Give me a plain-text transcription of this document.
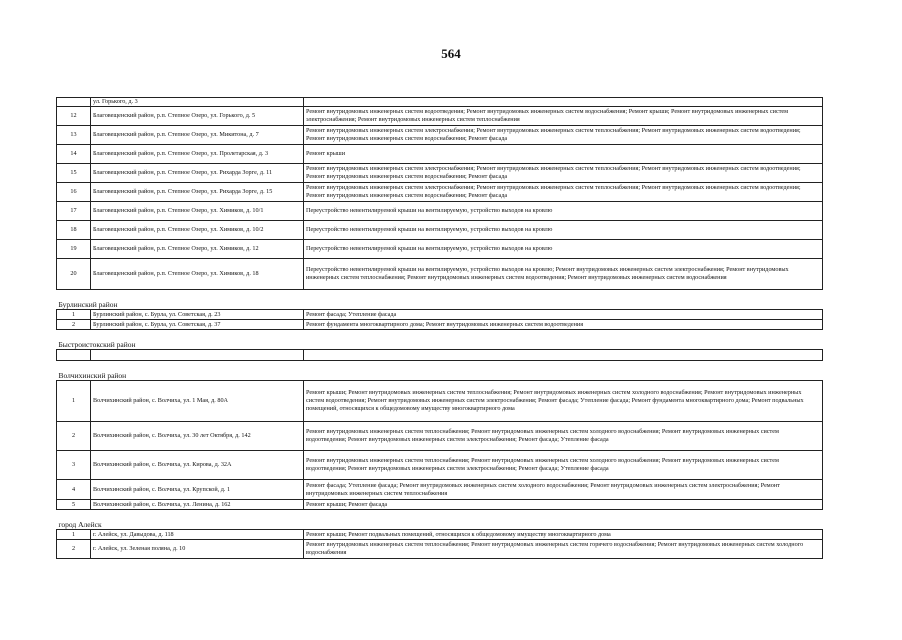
564
	ул. Горького, д. 3	
12	Благовещенский район, р.п. Степное Озеро, ул. Горького, д. 5	Ремонт внутридомовых инженерных систем водоотведения; Ремонт внутридомовых инженерных систем водоснабжения; Ремонт крыши; Ремонт внутридомовых инженерных систем электроснабжения; Ремонт внутридомовых инженерных систем теплоснабжения
13	Благовещенский район, р.п. Степное Озеро, ул. Микитона, д. 7	Ремонт внутридомовых инженерных систем электроснабжения; Ремонт внутридомовых инженерных систем теплоснабжения; Ремонт внутридомовых инженерных систем водоотведения; Ремонт внутридомовых инженерных систем водоснабжения; Ремонт фасада
14	Благовещенский район, р.п. Степное Озеро, ул. Пролетарская, д. 3	Ремонт крыши
15	Благовещенский район, р.п. Степное Озеро, ул. Рихарда Зорге, д. 11	Ремонт внутридомовых инженерных систем электроснабжения; Ремонт внутридомовых инженерных систем теплоснабжения; Ремонт внутридомовых инженерных систем водоотведения; Ремонт внутридомовых инженерных систем водоснабжения; Ремонт фасада
16	Благовещенский район, р.п. Степное Озеро, ул. Рихарда Зорге, д. 15	Ремонт внутридомовых инженерных систем электроснабжения; Ремонт внутридомовых инженерных систем теплоснабжения; Ремонт внутридомовых инженерных систем водоотведения; Ремонт внутридомовых инженерных систем водоснабжения; Ремонт фасада
17	Благовещенский район, р.п. Степное Озеро, ул. Химиков, д. 10/1	Переустройство невентилируемой крыши на вентилируемую, устройство выходов на кровлю
18	Благовещенский район, р.п. Степное Озеро, ул. Химиков, д. 10/2	Переустройство невентилируемой крыши на вентилируемую, устройство выходов на кровлю
19	Благовещенский район, р.п. Степное Озеро, ул. Химиков, д. 12	Переустройство невентилируемой крыши на вентилируемую, устройство выходов на кровлю
20	Благовещенский район, р.п. Степное Озеро, ул. Химиков, д. 18	Переустройство невентилируемой крыши на вентилируемую, устройство выходов на кровлю; Ремонт внутридомовых инженерных систем электроснабжения; Ремонт внутридомовых инженерных систем теплоснабжения; Ремонт внутридомовых инженерных систем водоотведения; Ремонт внутридомовых инженерных систем водоснабжения
Бурлинский район		
1	Бурлинский район, с. Бурла, ул. Советская, д. 23	Ремонт фасада; Утепление фасада
2	Бурлинский район, с. Бурла, ул. Советская, д. 37	Ремонт фундамента многоквартирного дома; Ремонт внутридомовых инженерных систем водоотведения
Быстроистокский район		

Волчихинский район		
1	Волчихинский район, с. Волчиха, ул. 1 Мая, д. 80А	Ремонт крыши; Ремонт внутридомовых инженерных систем теплоснабжения; Ремонт внутридомовых инженерных систем холодного водоснабжения; Ремонт внутридомовых инженерных систем водоотведения; Ремонт внутридомовых инженерных систем электроснабжения; Ремонт фасада; Утепление фасада; Ремонт фундамента многоквартирного дома; Ремонт подвальных помещений, относящихся к общедомовому имуществу многоквартирного дома
2	Волчихинский район, с. Волчиха, ул. 30 лет Октября, д. 142	Ремонт внутридомовых инженерных систем теплоснабжения; Ремонт внутридомовых инженерных систем холодного водоснабжения; Ремонт внутридомовых инженерных систем водоотведения; Ремонт внутридомовых инженерных систем электроснабжения; Ремонт фасада; Утепление фасада
3	Волчихинский район, с. Волчиха, ул. Кирова, д. 32А	Ремонт внутридомовых инженерных систем теплоснабжения; Ремонт внутридомовых инженерных систем холодного водоснабжения; Ремонт внутридомовых инженерных систем водоотведения; Ремонт внутридомовых инженерных систем электроснабжения; Ремонт фасада; Утепление фасада
4	Волчихинский район, с. Волчиха, ул. Крупской, д. 1	Ремонт фасада; Утепление фасада; Ремонт внутридомовых инженерных систем холодного водоснабжения; Ремонт внутридомовых инженерных систем электроснабжения; Ремонт внутридомовых инженерных систем теплоснабжения
5	Волчихинский район, с. Волчиха, ул. Ленина, д. 162	Ремонт крыши; Ремонт фасада
город Алейск		
1	г. Алейск, ул. Давыдова, д. 118	Ремонт крыши; Ремонт подвальных помещений, относящихся к общедомовому имуществу многоквартирного дома
2	г. Алейск, ул. Зеленая поляна, д. 10	Ремонт внутридомовых инженерных систем теплоснабжения; Ремонт внутридомовых инженерных систем горячего водоснабжения; Ремонт внутридомовых инженерных систем холодного водоснабжения
